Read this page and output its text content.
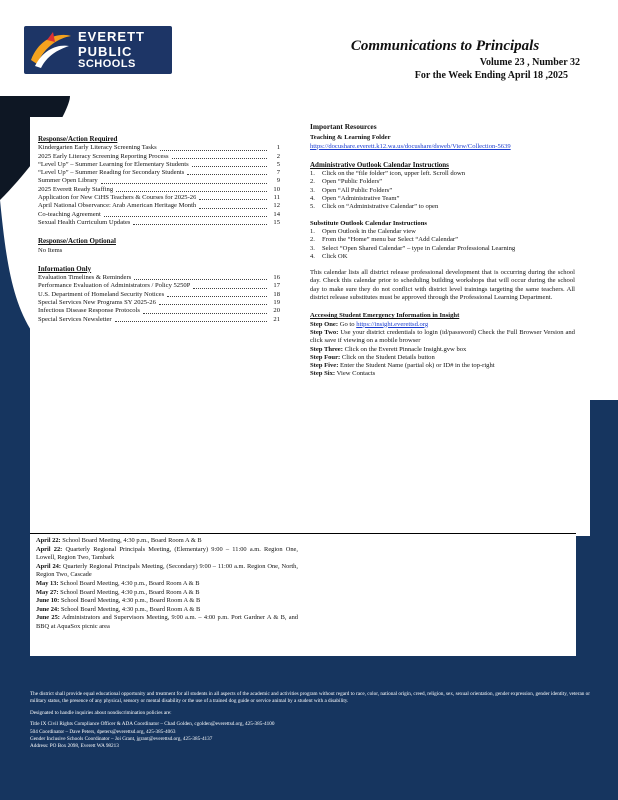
EVERETT
PUBLIC
SCHOOLS
Communications to Principals
Volume 23 , Number 32
For the Week Ending April 18 ,2025
Response/Action Required
Kindergarten Early Literacy Screening Tasks	1
2025 Early Literacy Screening Reporting Process	2
“Level Up” – Summer Learning for Elementary Students	5
“Level Up” – Summer Reading for Secondary Students	7
Summer Open Library	9
2025 Everett Ready Staffing	10
Application for New CiHS Teachers & Courses for 2025-26	11
April National Observance: Arab American Heritage Month	12
Co-teaching Agreement	14
Sexual Health Curriculum Updates	15
Response/Action Optional
No Items
Information Only
Evaluation Timelines & Reminders	16
Performance Evaluation of Administrators / Policy 5250P	17
U.S. Department of Homeland Security Notices	18
Special Services New Programs SY 2025-26	19
Infectious Disease Response Protocols	20
Special Services Newsletter	21
Important Resources
Teaching & Learning Folder
https://docushare.everett.k12.wa.us/docushare/dsweb/View/Collection-5639
Administrative Outlook Calendar Instructions
1.	Click on the “file folder” icon, upper left. Scroll down
2.	Open “Public Folders”
3.	Open “All Public Folders”
4.	Open “Administrative Team”
5.	Click on “Administrative Calendar” to open
Substitute Outlook Calendar Instructions
1.	Open Outlook in the Calendar view
2.	From the “Home” menu bar Select “Add Calendar”
3.	Select “Open Shared Calendar” – type in Calendar Professional Learning
4.	Click OK
This calendar lists all district release professional development that is occurring during the school day. Check this calendar prior to scheduling building workshops that will occur during the school day to make sure they do not conflict with district level trainings targeting the same teachers. All district release substitutes must be approved through the Professional Learning Department.
Accessing Student Emergency Information in Insight
Step One: Go to https://insight.everettsd.org
Step Two: Use your district credentials to login (id/password) Check the Full Browser Version and click save if viewing on a mobile browser
Step Three: Click on the Everett Pinnacle Insight.gvw box
Step Four: Click on the Student Details button
Step Five: Enter the Student Name (partial ok) or ID# in the top-right
Step Six: View Contacts
April 22: School Board Meeting, 4:30 p.m., Board Room A & B
April 22: Quarterly Regional Principals Meeting, (Elementary) 9:00 – 11:00 a.m. Region One, Lowell, Region Two, Tambark
April 24: Quarterly Regional Principals Meeting, (Secondary) 9:00 – 11:00 a.m. Region One, North, Region Two, Cascade
May 13: School Board Meeting, 4:30 p.m., Board Room A & B
May 27: School Board Meeting, 4:30 p.m., Board Room A & B
June 10: School Board Meeting, 4:30 p.m., Board Room A & B
June 24: School Board Meeting, 4:30 p.m., Board Room A & B
June 25: Administrators and Supervisors Meeting, 9:00 a.m. – 4:00 p.m. Port Gardner A & B, and BBQ at AquaSox picnic area

The district shall provide equal educational opportunity and treatment for all students in all aspects of the academic and activities program without regard to race, color, national origin, creed, religion, sex, sexual orientation, gender expression, gender identity, veteran or military status, the presence of any physical, sensory or mental disability or the use of a trained dog guide or service animal by a student with a disability.

Designated to handle inquiries about nondiscrimination policies are:

Title IX Civil Rights Compliance Officer & ADA Coordinator – Chad Golden, cgolden@everettsd.org, 425-385-4100
504 Coordinator – Dave Peters, dpeters@everettsd.org, 425-385-4063
Gender Inclusive Schools Coordinator – Joi Grant, jgrant@everettsd.org, 425-385-4137
Address: PO Box 2098, Everett WA 98213
